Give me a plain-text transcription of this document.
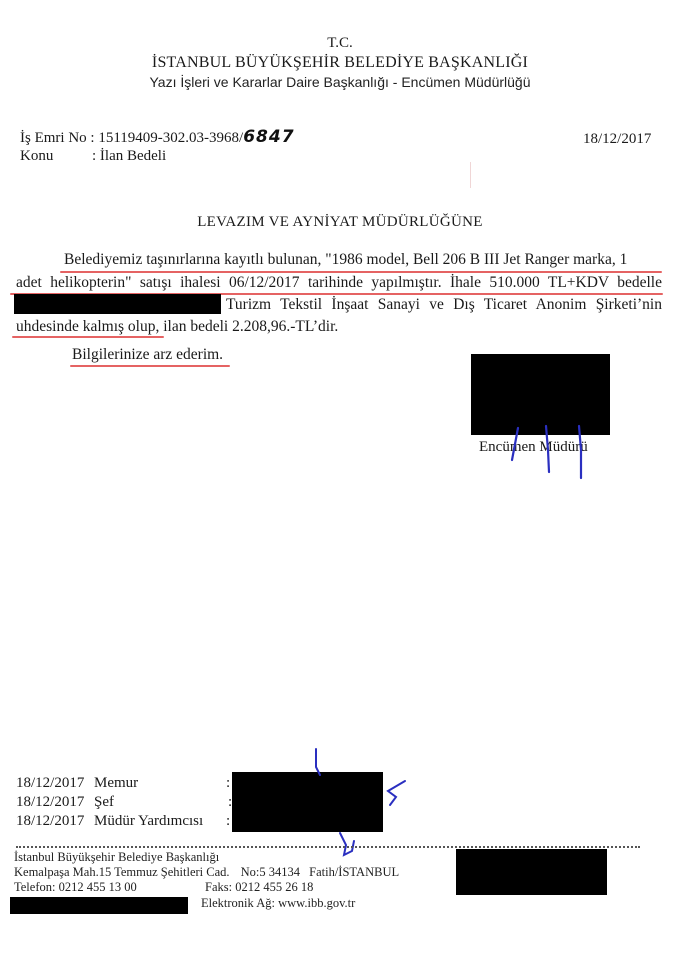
T.C.
İSTANBUL BÜYÜKŞEHİR BELEDİYE BAŞKANLIĞI
Yazı İşleri ve Kararlar Daire Başkanlığı - Encümen Müdürlüğü
İş Emri No : 15119409-302.03-3968/6847
Konu	: İlan Bedeli
18/12/2017
LEVAZIM VE AYNİYAT MÜDÜRLÜĞÜNE
Belediyemiz taşınırlarına kayıtlı bulunan, "1986 model, Bell 206 B III Jet Ranger marka, 1
adet helikopterin" satışı ihalesi 06/12/2017 tarihinde yapılmıştır. İhale 510.000 TL+KDV bedelle
Turizm Tekstil İnşaat Sanayi ve Dış Ticaret Anonim Şirketi’nin
uhdesinde kalmış olup, ilan bedeli 2.208,96.-TL’dir.
Bilgilerinize arz ederim.
Encümen Müdürü
18/12/2017 Memur	:
18/12/2017 Şef	:
18/12/2017 Müdür Yardımcısı :
İstanbul Büyükşehir Belediye Başkanlığı
Kemalpaşa Mah.15 Temmuz Şehitleri Cad. No:5 34134 Fatih/İSTANBUL
Telefon: 0212 455 13 00	Faks: 0212 455 26 18
Elektronik Ağ: www.ibb.gov.tr
